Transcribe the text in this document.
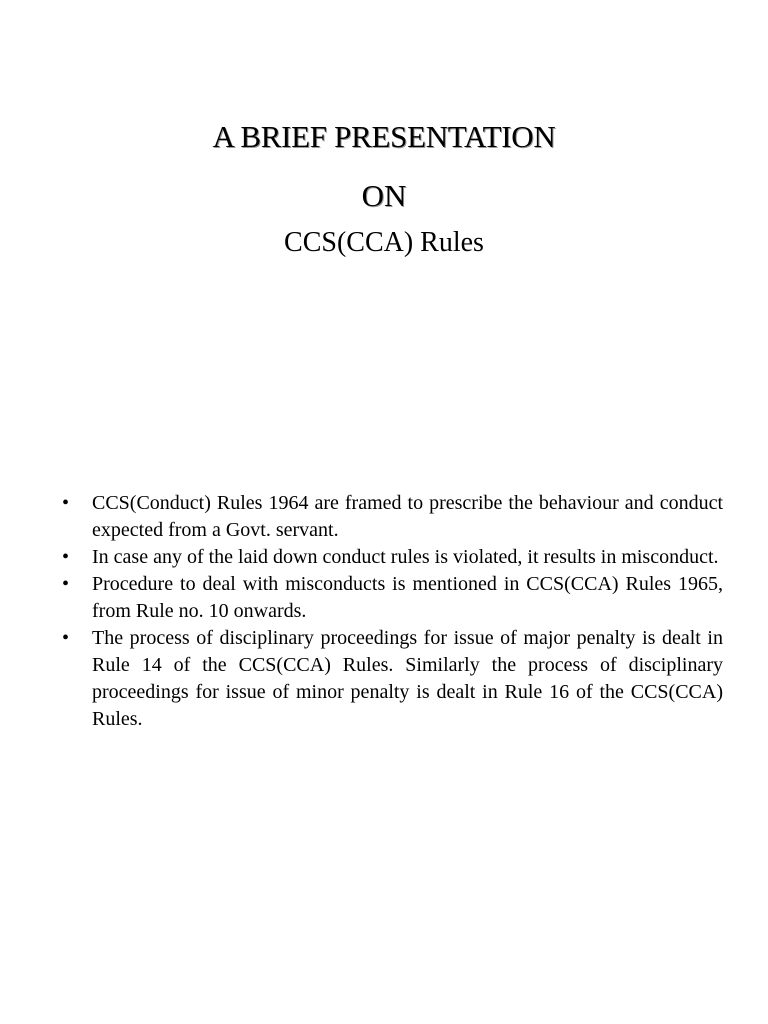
A BRIEF PRESENTATION
ON
CCS(CCA) Rules
•	CCS(Conduct) Rules 1964 are framed to prescribe the behaviour and conduct expected from a Govt. servant.
•	In case any of the laid down conduct rules is violated, it results in misconduct.
•	Procedure to deal with misconducts is mentioned in CCS(CCA) Rules 1965, from Rule no. 10 onwards.
•	The process of disciplinary proceedings for issue of major penalty is dealt in Rule 14 of the CCS(CCA) Rules. Similarly the process of disciplinary proceedings for issue of minor penalty is dealt in Rule 16 of the CCS(CCA) Rules.
